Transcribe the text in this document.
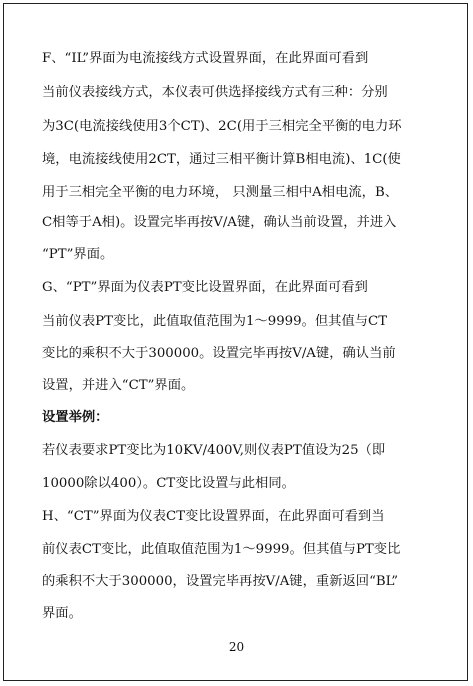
F、“IL”界面为电流接线方式设置界面，在此界面可看到
当前仪表接线方式，本仪表可供选择接线方式有三种：分别
为3C(电流接线使用3个CT)、2C(用于三相完全平衡的电力环
境，电流接线使用2CT，通过三相平衡计算B相电流)、1C(使
用于三相完全平衡的电力环境， 只测量三相中A相电流，B、
C相等于A相)。设置完毕再按V/A键，确认当前设置，并进入
“PT”界面。
G、“PT”界面为仪表PT变比设置界面，在此界面可看到
当前仪表PT变比，此值取值范围为1～9999。但其值与CT
变比的乘积不大于300000。设置完毕再按V/A键，确认当前
设置，并进入“CT”界面。
设置举例：
若仪表要求PT变比为10KV/400V,则仪表PT值设为25（即
10000除以400）。CT变比设置与此相同。
H、“CT”界面为仪表CT变比设置界面，在此界面可看到当
前仪表CT变比，此值取值范围为1～9999。但其值与PT变比
的乘积不大于300000，设置完毕再按V/A键，重新返回“BL”
界面。
20
